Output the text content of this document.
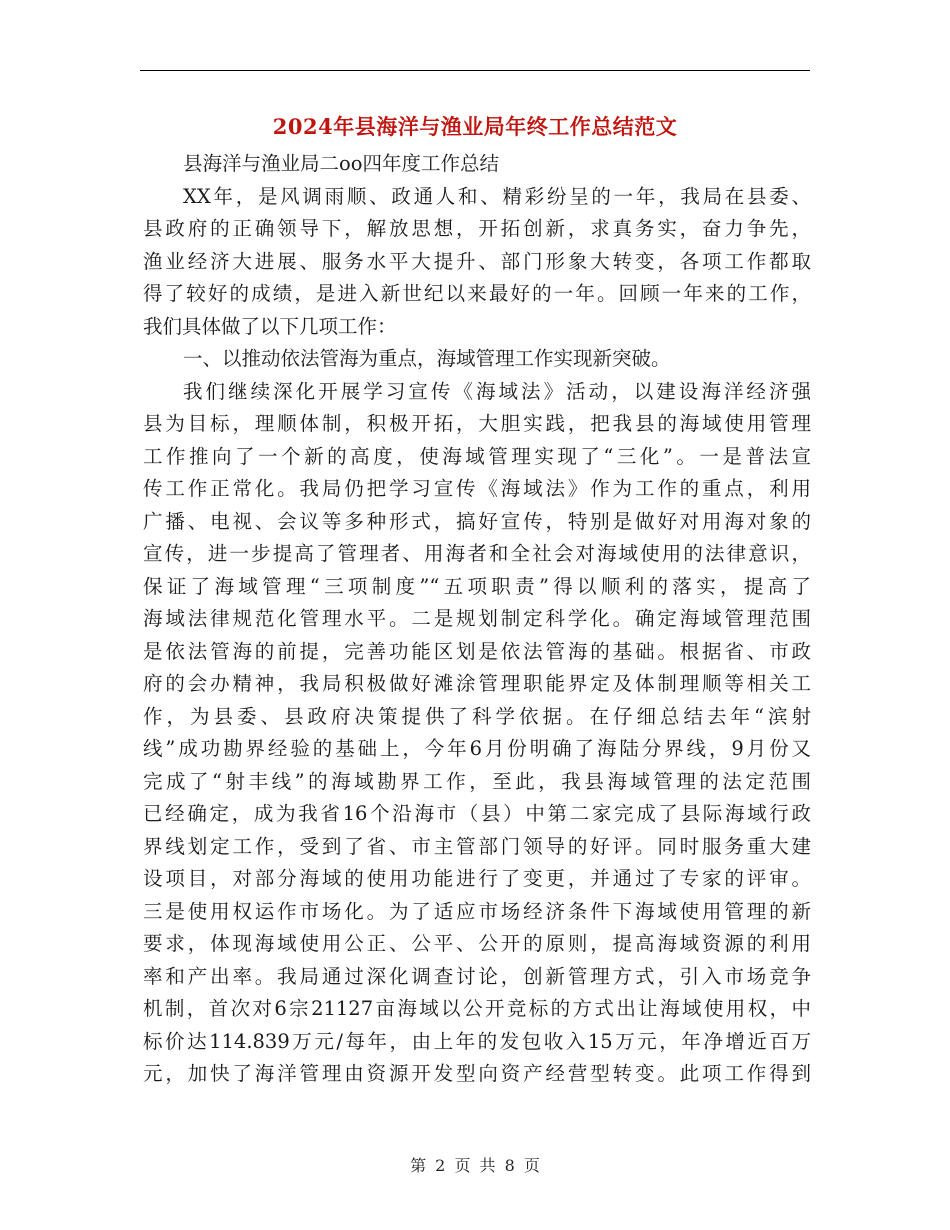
2024年县海洋与渔业局年终工作总结范文

县海洋与渔业局二oo四年度工作总结

XX年，是风调雨顺、政通人和、精彩纷呈的一年，我局在县委、

县政府的正确领导下，解放思想，开拓创新，求真务实，奋力争先，

渔业经济大进展、服务水平大提升、部门形象大转变，各项工作都取

得了较好的成绩，是进入新世纪以来最好的一年。回顾一年来的工作，

我们具体做了以下几项工作：

一、以推动依法管海为重点，海域管理工作实现新突破。

我们继续深化开展学习宣传《海域法》活动，以建设海洋经济强

县为目标，理顺体制，积极开拓，大胆实践，把我县的海域使用管理

工作推向了一个新的高度，使海域管理实现了“三化”。一是普法宣

传工作正常化。我局仍把学习宣传《海域法》作为工作的重点，利用

广播、电视、会议等多种形式，搞好宣传，特别是做好对用海对象的

宣传，进一步提高了管理者、用海者和全社会对海域使用的法律意识，

保证了海域管理“三项制度”“五项职责”得以顺利的落实，提高了

海域法律规范化管理水平。二是规划制定科学化。确定海域管理范围

是依法管海的前提，完善功能区划是依法管海的基础。根据省、市政

府的会办精神，我局积极做好滩涂管理职能界定及体制理顺等相关工

作，为县委、县政府决策提供了科学依据。在仔细总结去年“滨射

线”成功勘界经验的基础上，今年6月份明确了海陆分界线，9月份又

完成了“射丰线”的海域勘界工作，至此，我县海域管理的法定范围

已经确定，成为我省16个沿海市（县）中第二家完成了县际海域行政

界线划定工作，受到了省、市主管部门领导的好评。同时服务重大建

设项目，对部分海域的使用功能进行了变更，并通过了专家的评审。

三是使用权运作市场化。为了适应市场经济条件下海域使用管理的新

要求，体现海域使用公正、公平、公开的原则，提高海域资源的利用

率和产出率。我局通过深化调查讨论，创新管理方式，引入市场竞争

机制，首次对6宗21127亩海域以公开竞标的方式出让海域使用权，中

标价达114.839万元/每年，由上年的发包收入15万元，年净增近百万

元，加快了海洋管理由资源开发型向资产经营型转变。此项工作得到

第 2 页 共 8 页
